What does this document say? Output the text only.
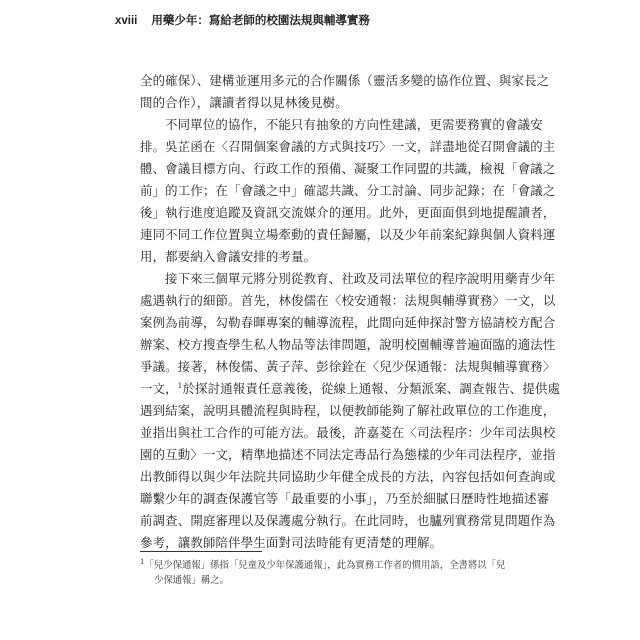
xviii 用藥少年：寫給老師的校園法規與輔導實務
全的確保）、建構並運用多元的合作關係（靈活多變的協作位置、與家長之
間的合作），讓讀者得以見林後見樹。
不同單位的協作，不能只有抽象的方向性建議，更需要務實的會議安
排。吳芷函在〈召開個案會議的方式與技巧〉一文，詳盡地從召開會議的主
體、會議目標方向、行政工作的預備、凝聚工作同盟的共識，檢視「會議之
前」的工作；在「會議之中」確認共識、分工討論、同步記錄；在「會議之
後」執行進度追蹤及資訊交流媒介的運用。此外，更面面俱到地提醒讀者，
連同不同工作位置與立場牽動的責任歸屬，以及少年前案紀錄與個人資料運
用，都要納入會議安排的考量。
接下來三個單元將分別從教育、社政及司法單位的程序說明用藥青少年
處遇執行的細節。首先，林俊儒在〈校安通報：法規與輔導實務〉一文，以
案例為前導，勾勒春暉專案的輔導流程，此間向延伸探討警方協請校方配合
辦案、校方搜查學生私人物品等法律問題，說明校園輔導普遍面臨的適法性
爭議。接著，林俊儒、黃子萍、彭徐銓在〈兒少保通報：法規與輔導實務〉
一文，$^1$於探討通報責任意義後，從線上通報、分類派案、調查報告、提供處
遇到結案，說明具體流程與時程，以便教師能夠了解社政單位的工作進度，
並指出與社工合作的可能方法。最後，許嘉菱在〈司法程序：少年司法與校
園的互動〉一文，精準地描述不同法定毒品行為態樣的少年司法程序，並指
出教師得以與少年法院共同協助少年健全成長的方法，內容包括如何查詢或
聯繫少年的調查保護官等「最重要的小事」，乃至於細膩日歷時性地描述審
前調查、開庭審理以及保護處分執行。在此同時，也臚列實務常見問題作為
參考，讓教師陪伴學生面對司法時能有更清楚的理解。
$^1$「兒少保通報」係指「兒童及少年保護通報」，此為實務工作者的慣用語，全書將以「兒
少保通報」稱之。
